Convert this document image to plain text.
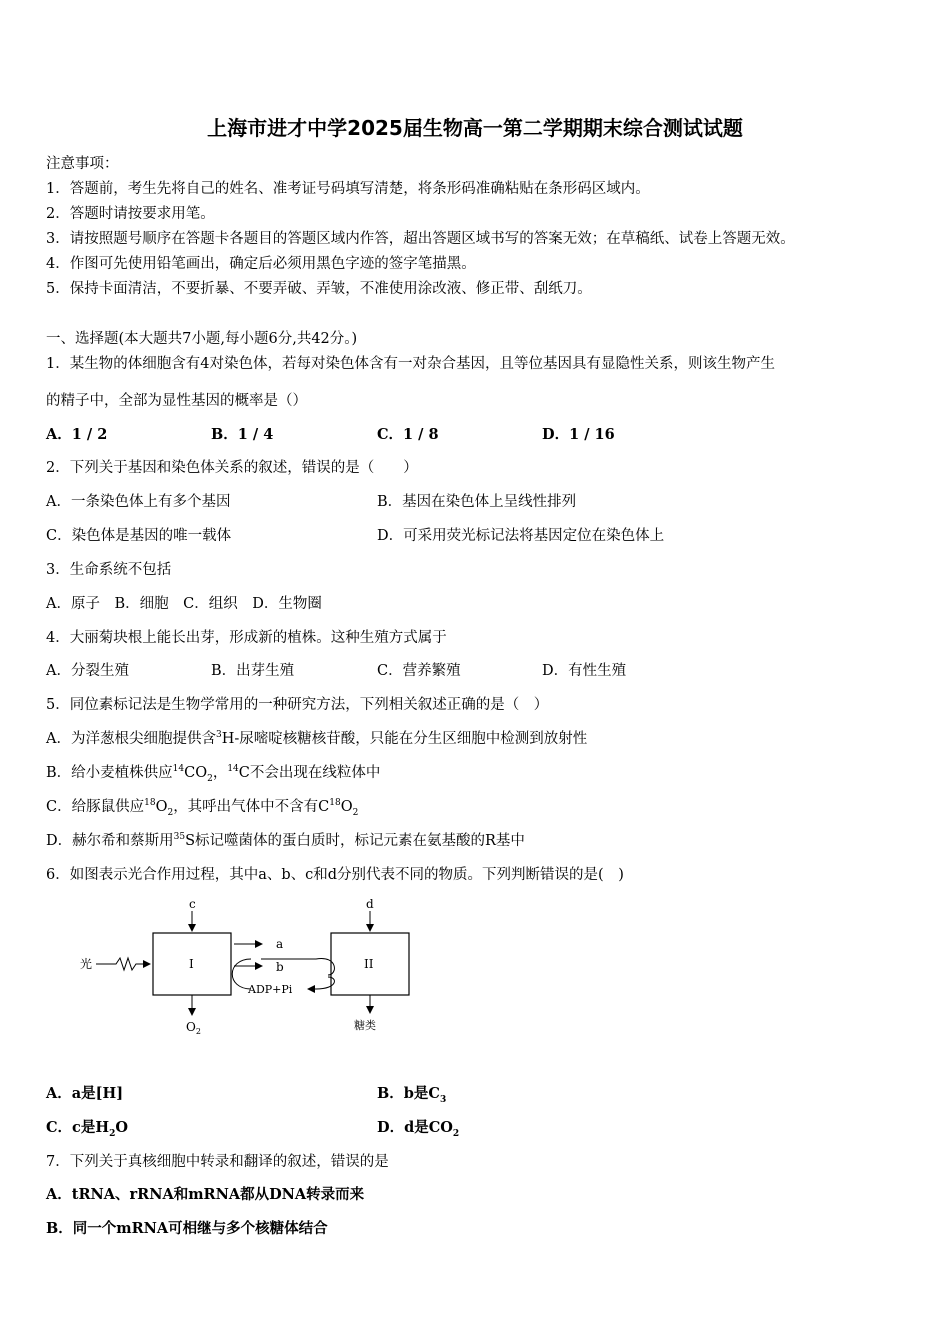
上海市进才中学2025届生物高一第二学期期末综合测试试题
注意事项：
1．答题前，考生先将自己的姓名、准考证号码填写清楚，将条形码准确粘贴在条形码区域内。
2．答题时请按要求用笔。
3．请按照题号顺序在答题卡各题目的答题区域内作答，超出答题区域书写的答案无效；在草稿纸、试卷上答题无效。
4．作图可先使用铅笔画出，确定后必须用黑色字迹的签字笔描黑。
5．保持卡面清洁，不要折暴、不要弄破、弄皱，不准使用涂改液、修正带、刮纸刀。
一、选择题(本大题共7小题,每小题6分,共42分。)
1．某生物的体细胞含有4对染色体，若每对染色体含有一对杂合基因，且等位基因具有显隐性关系，则该生物产生
的精子中，全部为显性基因的概率是（）
A．1 / 2	B．1 / 4	C．1 / 8	D．1 / 16
2．下列关于基因和染色体关系的叙述，错误的是（　　）
A．一条染色体上有多个基因	B．基因在染色体上呈线性排列
C．染色体是基因的唯一载体	D．可采用荧光标记法将基因定位在染色体上
3．生命系统不包括
A．原子　B．细胞　C．组织　D．生物圈
4．大丽菊块根上能长出芽，形成新的植株。这种生殖方式属于
A．分裂生殖	B．出芽生殖	C．营养繁殖	D．有性生殖
5．同位素标记法是生物学常用的一种研究方法，下列相关叙述正确的是（　）
A．为洋葱根尖细胞提供含$^3$H-尿嘧啶核糖核苷酸，只能在分生区细胞中检测到放射性
B．给小麦植株供应$^{14}CO_2$，$^{14}$C不会出现在线粒体中
C．给豚鼠供应$^{18}O_2$，其呼出气体中不含有$C^{18}O_2$
D．赫尔希和蔡斯用$^{35}$S标记噬菌体的蛋白质时，标记元素在氨基酸的R基中
6．如图表示光合作用过程，其中a、b、c和d分别代表不同的物质。下列判断错误的是(　)
光	I	II
c	d
a
b
ADP+Pi
$O_2$	糖类
A．a是[H]	B．b是$C_3$
C．c是$H_2O$	D．d是$CO_2$
7．下列关于真核细胞中转录和翻译的叙述，错误的是
A．tRNA、rRNA和mRNA都从DNA转录而来
B．同一个mRNA可相继与多个核糖体结合
